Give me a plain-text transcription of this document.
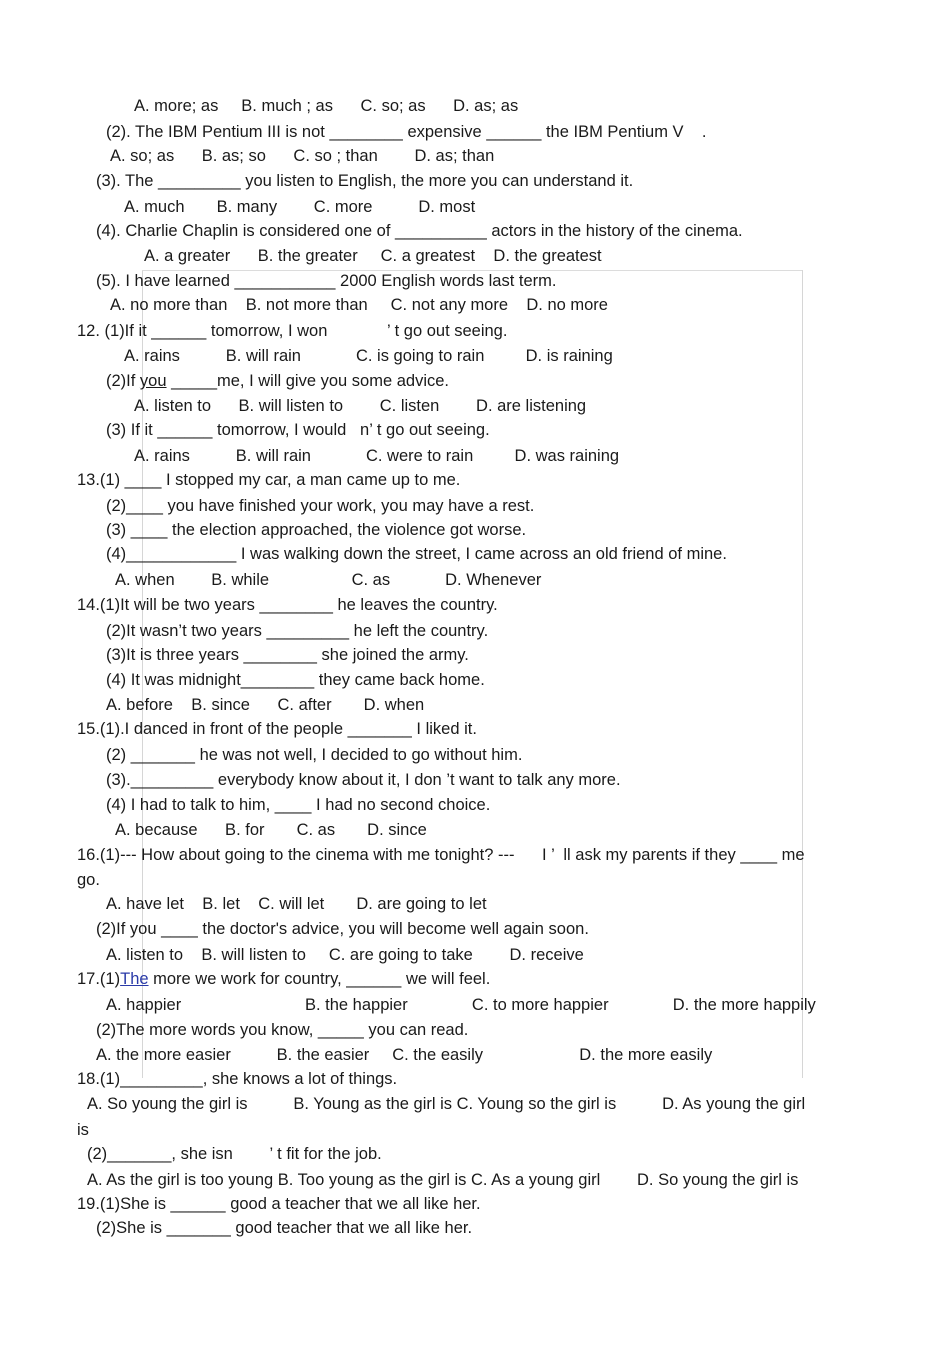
A. more; as     B. much ; as      C. so; as      D. as; as
(2). The IBM Pentium III is not ________ expensive ______ the IBM Pentium V    .
A. so; as      B. as; so      C. so ; than        D. as; than
(3). The _________ you listen to English, the more you can understand it.
A. much       B. many        C. more          D. most
(4). Charlie Chaplin is considered one of __________ actors in the history of the cinema.
A. a greater      B. the greater     C. a greatest    D. the greatest
(5). I have learned ___________ 2000 English words last term.
A. no more than    B. not more than     C. not any more    D. no more
12. (1)If it ______ tomorrow, I won             ’ t go out seeing.
A. rains          B. will rain            C. is going to rain         D. is raining
(2)If you _____me, I will give you some advice.
A. listen to      B. will listen to        C. listen        D. are listening
(3) If it ______ tomorrow, I would   n’ t go out seeing.
A. rains          B. will rain            C. were to rain         D. was raining
13.(1) ____ I stopped my car, a man came up to me.
(2)____ you have finished your work, you may have a rest.
(3) ____ the election approached, the violence got worse.
(4)____________ I was walking down the street, I came across an old friend of mine.
A. when        B. while                  C. as            D. Whenever
14.(1)It will be two years ________ he leaves the country.
(2)It wasn’t two years _________ he left the country.
(3)It is three years ________ she joined the army.
(4) It was midnight________ they came back home.
A. before    B. since      C. after       D. when
15.(1).I danced in front of the people _______ I liked it.
(2) _______ he was not well, I decided to go without him.
(3)._________ everybody know about it, I don ’t want to talk any more.
(4) I had to talk to him, ____ I had no second choice.
A. because      B. for       C. as       D. since
16.(1)--- How about going to the cinema with me tonight? ---      I ’  ll ask my parents if they ____ me
go.
A. have let    B. let    C. will let       D. are going to let
(2)If you ____ the doctor's advice, you will become well again soon.
A. listen to    B. will listen to     C. are going to take        D. receive
17.(1)The more we work for country, ______ we will feel.
A. happier                           B. the happier              C. to more happier              D. the more happily
(2)The more words you know, _____ you can read.
A. the more easier          B. the easier     C. the easily                     D. the more easily
18.(1)_________, she knows a lot of things.
A. So young the girl is          B. Young as the girl is C. Young so the girl is          D. As young the girl
is
(2)_______, she isn        ’ t fit for the job.
A. As the girl is too young B. Too young as the girl is C. As a young girl        D. So young the girl is
19.(1)She is ______ good a teacher that we all like her.
(2)She is _______ good teacher that we all like her.
